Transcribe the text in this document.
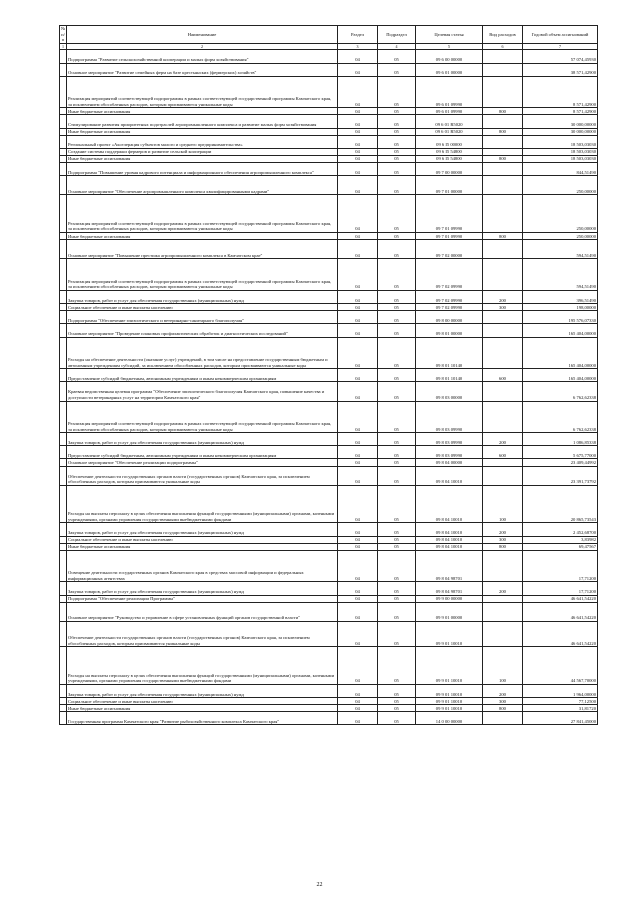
№ п/п	Наименование	Раздел	Подраздел	Целевая статья	Вид расходов	Годовой объем ассигнований
1	2	3	4	5	6	7
	Подпрограмма "Развитие сельскохозяйственной кооперации и малых форм хозяйствования"	04	05	09 6 00 00000		57 074,45930
	Основное мероприятие "Развитие семейных ферм на базе крестьянских (фермерских) хозяйств"	04	05	09 6 01 00000		38 571,42900
	Реализация мероприятий соответствующей подпрограммы в рамках соответствующей государственной программы Камчатского края, за исключением обособленных расходов, которым присваиваются уникальные коды	04	05	09 6 01 09990		8 571,42900
	Иные бюджетные ассигнования	04	05	09 6 01 09990	800	8 571,42900
	Стимулирование развития приоритетных подотраслей агропромышленного комплекса и развитие малых форм хозяйствования	04	05	09 6 01 R5020		30 000,00000
	Иные бюджетные ассигнования	04	05	09 6 01 R5020	800	30 000,00000
	Региональный проект «Акселерация субъектов малого и среднего предпринимательства»	04	05	09 6 I5 00000		18 503,03030
	Создание системы поддержки фермеров и развитие сельской кооперации	04	05	09 6 I5 54800		18 503,03030
	Иные бюджетные ассигнования	04	05	09 6 I5 54800	800	18 503,03030
	Подпрограмма "Повышение уровня кадрового потенциала и информационного обеспечения агропромышленного комплекса"	04	05	09 7 00 00000		844,51490
	Основное мероприятие "Обеспечение агропромышленного комплекса квалифицированными кадрами"	04	05	09 7 01 00000		250,00000
	Реализация мероприятий соответствующей подпрограммы в рамках соответствующей государственной программы Камчатского края, за исключением обособленных расходов, которым присваиваются уникальные коды	04	05	09 7 01 09990		250,00000
	Иные бюджетные ассигнования	04	05	09 7 01 09990	800	250,00000
	Основное мероприятие "Повышение престижа агропромышленного комплекса в Камчатском крае"	04	05	09 7 02 00000		594,51490
	Реализация мероприятий соответствующей подпрограммы в рамках соответствующей государственной программы Камчатского края, за исключением обособленных расходов, которым присваиваются уникальные коды	04	05	09 7 02 09990		594,51490
	Закупка товаров, работ и услуг для обеспечения государственных (муниципальных) нужд	04	05	09 7 02 09990	200	396,51490
	Социальное обеспечение и иные выплаты населению	04	05	09 7 02 09990	300	198,00000
	Подпрограмма "Обеспечение эпизоотического и ветеринарно-санитарного благополучия"	04	05	09 8 00 00000		195 576,07330
	Основное мероприятие "Проведение плановых профилактических обработок и диагностических исследований"	04	05	09 8 01 00000		165 404,00000
	Расходы на обеспечение деятельности (оказание услуг) учреждений, в том числе на предоставление государственным бюджетным и автономным учреждениям субсидий, за исключением обособленных расходов, которым присваиваются уникальные коды	04	05	09 8 01 10140		165 404,00000
	Предоставление субсидий бюджетным, автономным учреждениям и иным некоммерческим организациям	04	05	09 8 01 10140	600	165 404,00000
	Краевая ведомственная целевая программа "Обеспечение эпизоотического благополучия Камчатского края, повышение качества и доступности ветеринарных услуг на территории Камчатского края"	04	05	09 8 03 00000		6 762,62338
	Реализация мероприятий соответствующей подпрограммы в рамках соответствующей государственной программы Камчатского края, за исключением обособленных расходов, которым присваиваются уникальные коды	04	05	09 8 03 09990		6 762,62338
	Закупка товаров, работ и услуг для обеспечения государственных (муниципальных) нужд	04	05	09 8 03 09990	200	1 086,85338
	Предоставление субсидий бюджетным, автономным учреждениям и иным некоммерческим организациям	04	05	09 8 03 09990	600	5 675,77000
	Основное мероприятие "Обеспечение реализации подпрограммы"	04	05	09 8 04 00000		23 409,44992
	Обеспечение деятельности государственных органов власти (государственных органов) Камчатского края, за исключением обособленных расходов, которым присваиваются уникальные коды	04	05	09 8 04 10010		23 391,73792
	Расходы на выплаты персоналу в целях обеспечения выполнения функций государственными (муниципальными) органами, казенными учреждениями, органами управления государственными внебюджетными фондами	04	05	09 8 04 10010	100	20 865,73543
	Закупка товаров, работ и услуг для обеспечения государственных (муниципальных) нужд	04	05	09 8 04 10010	200	2 452,68700
	Социальное обеспечение и иные выплаты населению	04	05	09 8 04 10010	300	3,83982
	Иные бюджетные ассигнования	04	05	09 8 04 10010	800	69,47567
	Освещение деятельности государственных органов Камчатского края в средствах массовой информации и федеральных информационных агентствах	04	05	09 8 04 98701		17,71200
	Закупка товаров, работ и услуг для обеспечения государственных (муниципальных) нужд	04	05	09 8 04 98701	200	17,71200
	Подпрограмма "Обеспечение реализации Программы"	04	05	09 9 00 00000		46 641,54220
	Основное мероприятие "Руководство и управление в сфере установленных функций органов государственной власти"	04	05	09 9 01 00000		46 641,54220
	Обеспечение деятельности государственных органов власти (государственных органов) Камчатского края, за исключением обособленных расходов, которым присваиваются уникальные коды	04	05	09 9 01 10010		46 641,54220
	Расходы на выплаты персоналу в целях обеспечения выполнения функций государственными (муниципальными) органами, казенными учреждениями, органами управления государственными внебюджетными фондами	04	05	09 9 01 10010	100	44 567,70000
	Закупка товаров, работ и услуг для обеспечения государственных (муниципальных) нужд	04	05	09 9 01 10010	200	1 964,00000
	Социальное обеспечение и иные выплаты населению	04	05	09 9 01 10010	300	77,12500
	Иные бюджетные ассигнования	04	05	09 9 01 10010	800	31,81720
	Государственная программа Камчатского края "Развитие рыбохозяйственного комплекса Камчатского края"	04	05	14 0 00 00000		27 841,45000
22
